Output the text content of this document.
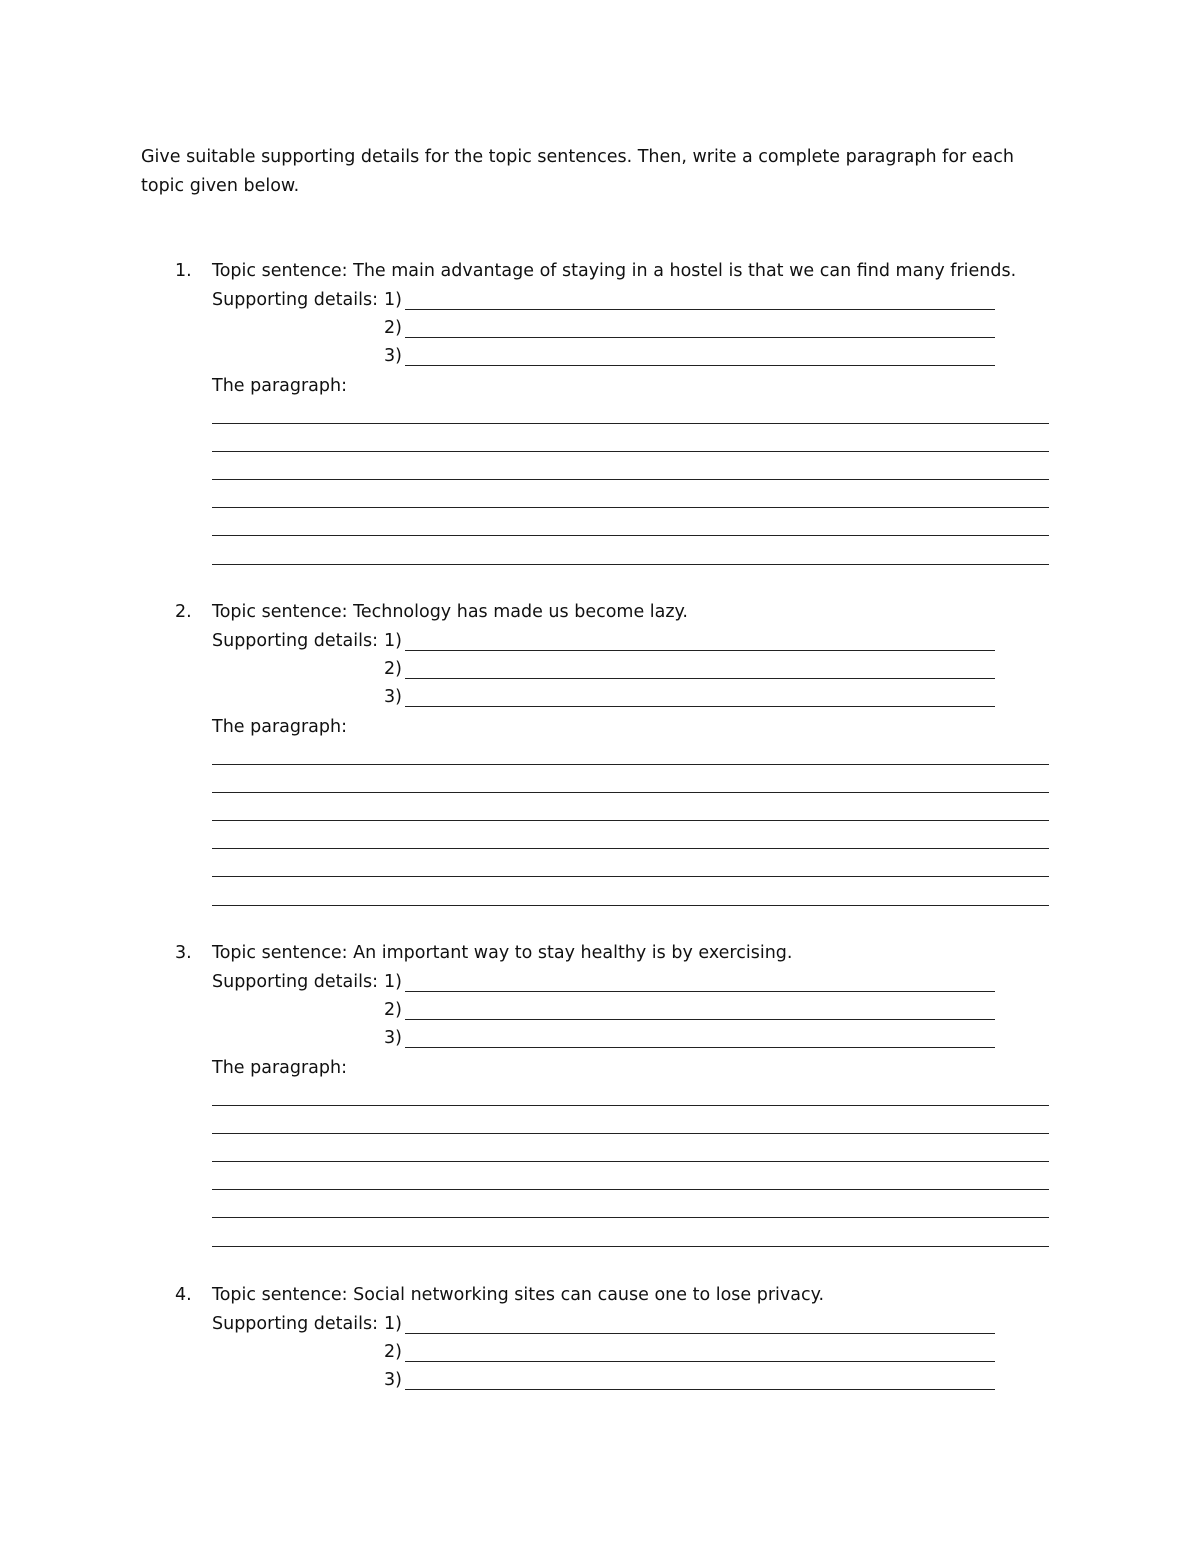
Give suitable supporting details for the topic sentences. Then, write a complete paragraph for each topic given below.

1. Topic sentence: The main advantage of staying in a hostel is that we can find many friends.
Supporting details: 1)
2)
3)
The paragraph:
2. Topic sentence: Technology has made us become lazy.
Supporting details: 1)
2)
3)
The paragraph:
3. Topic sentence: An important way to stay healthy is by exercising.
Supporting details: 1)
2)
3)
The paragraph:
4. Topic sentence: Social networking sites can cause one to lose privacy.
Supporting details: 1)
2)
3)
